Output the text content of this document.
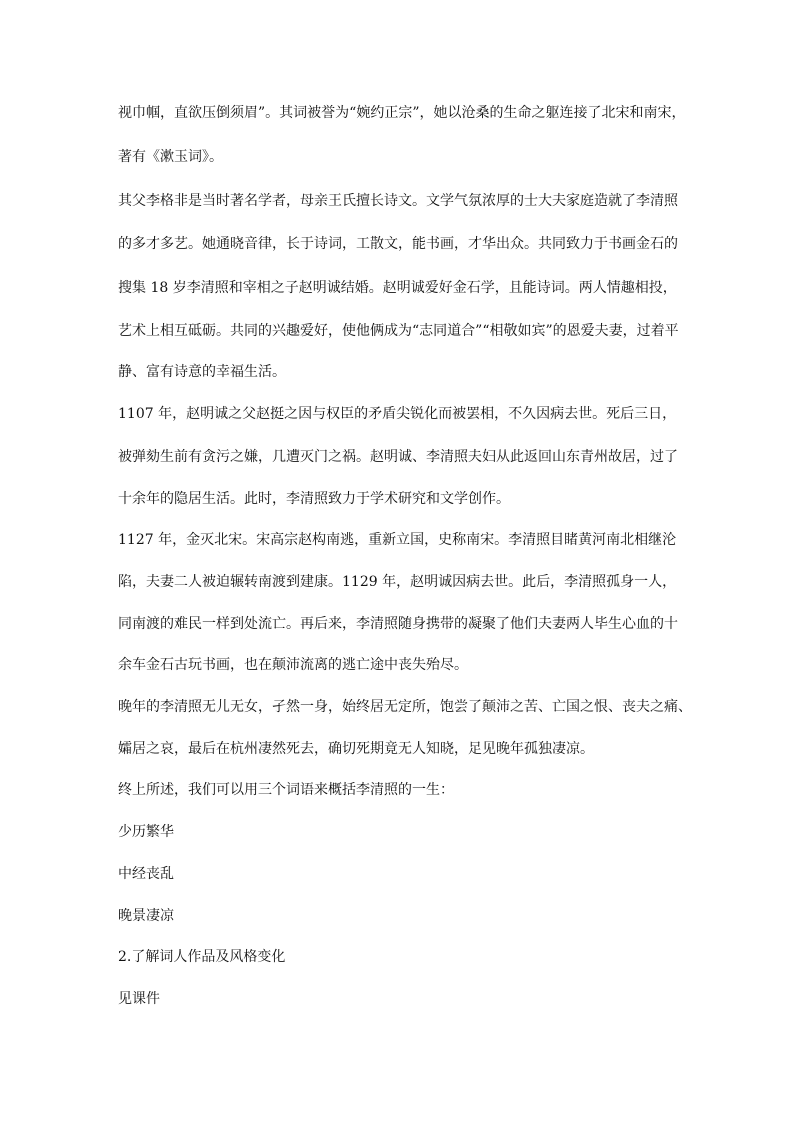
视巾帼，直欲压倒须眉”。其词被誉为“婉约正宗”，她以沧桑的生命之躯连接了北宋和南宋，
著有《漱玉词》。
其父李格非是当时著名学者，母亲王氏擅长诗文。文学气氛浓厚的士大夫家庭造就了李清照
的多才多艺。她通晓音律，长于诗词，工散文，能书画，才华出众。共同致力于书画金石的
搜集 18 岁李清照和宰相之子赵明诚结婚。赵明诚爱好金石学，且能诗词。两人情趣相投，
艺术上相互砥砺。共同的兴趣爱好，使他俩成为“志同道合”“相敬如宾”的恩爱夫妻，过着平
静、富有诗意的幸福生活。
1107 年，赵明诚之父赵挺之因与权臣的矛盾尖锐化而被罢相，不久因病去世。死后三日，
被弹劾生前有贪污之嫌，几遭灭门之祸。赵明诚、李清照夫妇从此返回山东青州故居，过了
十余年的隐居生活。此时，李清照致力于学术研究和文学创作。
1127 年，金灭北宋。宋高宗赵构南逃，重新立国，史称南宋。李清照目睹黄河南北相继沦
陷，夫妻二人被迫辗转南渡到建康。1129 年，赵明诚因病去世。此后，李清照孤身一人，
同南渡的难民一样到处流亡。再后来，李清照随身携带的凝聚了他们夫妻两人毕生心血的十
余车金石古玩书画，也在颠沛流离的逃亡途中丧失殆尽。
晚年的李清照无儿无女，孑然一身，始终居无定所，饱尝了颠沛之苦、亡国之恨、丧夫之痛、
孀居之哀，最后在杭州凄然死去，确切死期竟无人知晓，足见晚年孤独凄凉。
终上所述，我们可以用三个词语来概括李清照的一生：
少历繁华
中经丧乱
晚景凄凉
2.了解词人作品及风格变化
见课件
